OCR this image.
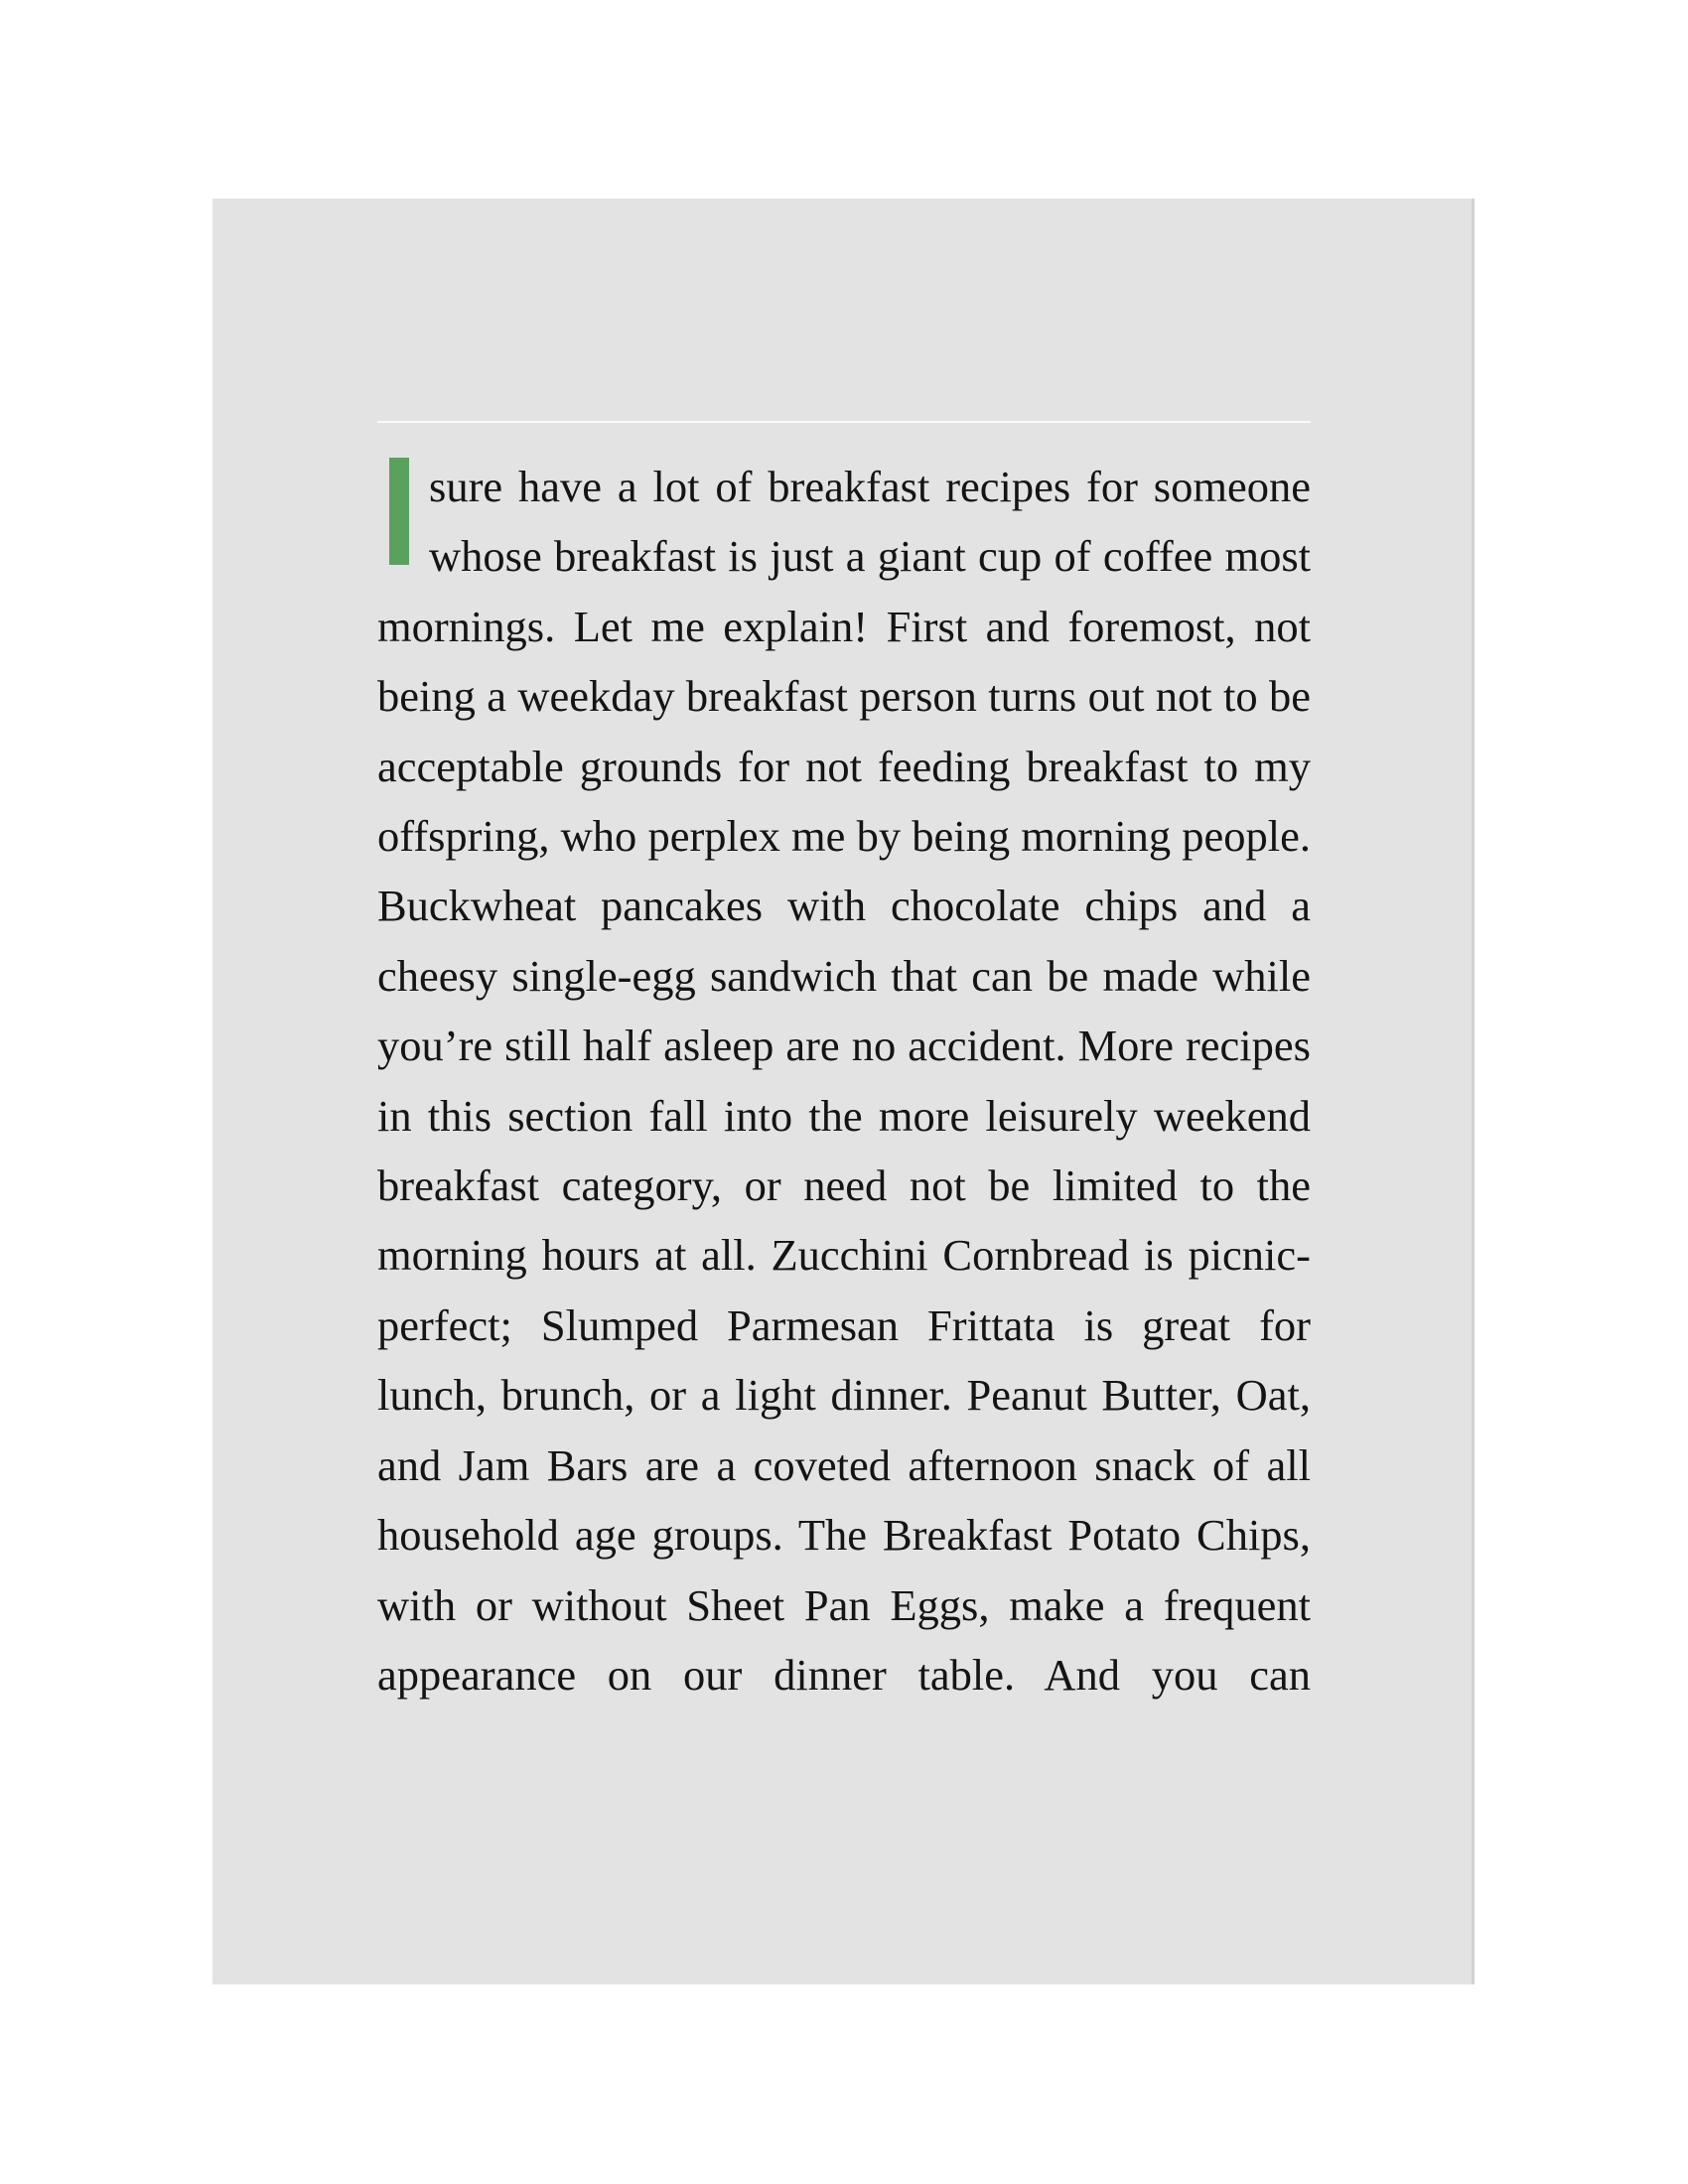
sure have a lot of breakfast recipes for someone whose breakfast is just a giant cup of coffee most mornings. Let me explain! First and foremost, not being a weekday breakfast person turns out not to be acceptable grounds for not feeding breakfast to my offspring, who perplex me by being morning people. Buckwheat pancakes with chocolate chips and a cheesy single-egg sandwich that can be made while you’re still half asleep are no accident. More recipes in this section fall into the more leisurely weekend breakfast category, or need not be limited to the morning hours at all. Zucchini Cornbread is picnic-perfect; Slumped Parmesan Frittata is great for lunch, brunch, or a light dinner. Peanut Butter, Oat, and Jam Bars are a coveted afternoon snack of all household age groups. The Breakfast Potato Chips, with or without Sheet Pan Eggs, make a frequent appearance on our dinner table. And you can
